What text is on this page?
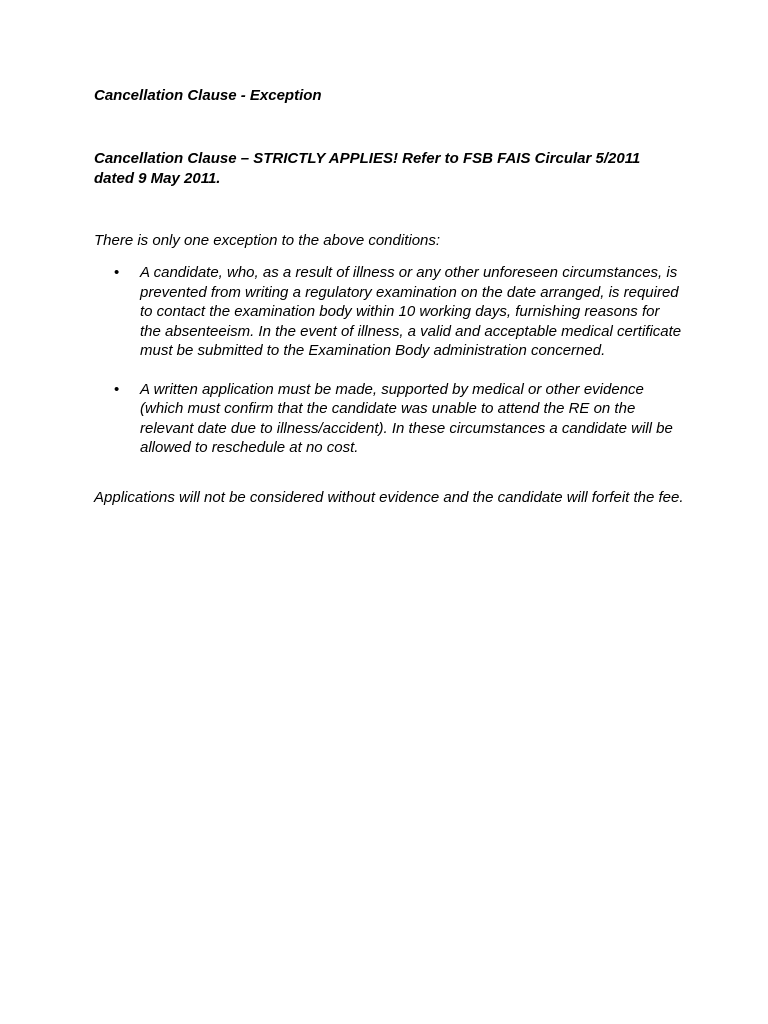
Cancellation Clause - Exception

Cancellation Clause – STRICTLY APPLIES! Refer to FSB FAIS Circular 5/2011 dated 9 May 2011.

There is only one exception to the above conditions:

• A candidate, who, as a result of illness or any other unforeseen circumstances, is prevented from writing a regulatory examination on the date arranged, is required to contact the examination body within 10 working days, furnishing reasons for the absenteeism. In the event of illness, a valid and acceptable medical certificate must be submitted to the Examination Body administration concerned.
• A written application must be made, supported by medical or other evidence (which must confirm that the candidate was unable to attend the RE on the relevant date due to illness/accident). In these circumstances a candidate will be allowed to reschedule at no cost.

Applications will not be considered without evidence and the candidate will forfeit the fee.
